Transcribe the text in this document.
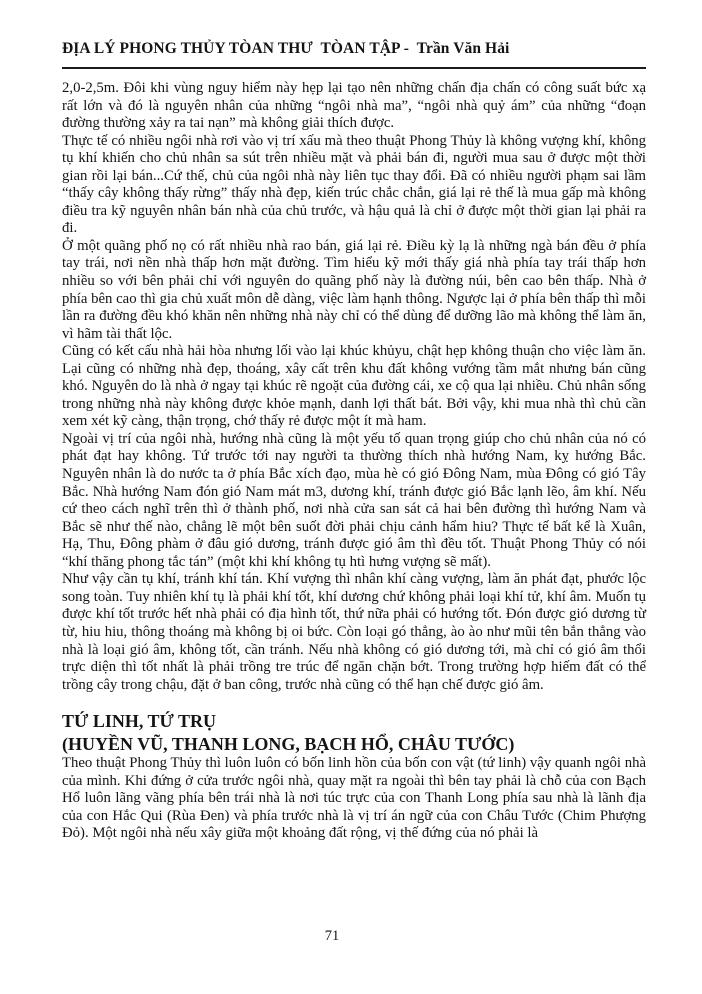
ĐỊA LÝ PHONG THỦY TÒAN THƯ  TÒAN TẬP -  Trần Văn Hải

2,0-2,5m. Đôi khi vùng nguy hiểm này hẹp lại tạo nên những chấn địa chấn có công suất bức xạ rất lớn và đó là nguyên nhân của những “ngôi nhà ma”, “ngôi nhà quỷ ám” của những “đoạn đường thường xảy ra tai nạn” mà không giải thích được.

Thực tế có nhiều ngôi nhà rơi vào vị trí xấu mà theo thuật Phong Thủy là không vượng khí, không tụ khí khiến cho chủ nhân sa sút trên nhiều mặt và phải bán đi, người mua sau ở được một thời gian rồi lại bán...Cứ thế, chủ của ngôi nhà này liên tục thay đổi. Đã có nhiều người phạm sai lầm “thấy cây không thấy rừng” thấy nhà đẹp, kiến trúc chắc chắn, giá lại rẻ thế là mua gấp mà không điều tra kỹ nguyên nhân bán nhà của chủ trước, và hậu quả là chỉ ở được một thời gian lại phải ra đi.

Ở một quãng phố nọ có rất nhiều nhà rao bán, giá lại rẻ. Điều kỳ lạ là những ngà bán đều ở phía tay trái, nơi nền nhà thấp hơn mặt đường. Tìm hiểu kỹ mới thấy giá nhà phía tay trái thấp hơn nhiều so với bên phải chỉ với nguyên do quãng phố này là đường núi, bên cao bên thấp. Nhà ở phía bên cao thì gia chủ xuất môn dễ dàng, việc làm hạnh thông. Ngược lại ở phía bên thấp thì mỗi lần ra đường đều khó khăn nên những nhà này chỉ có thể dùng để dưỡng lão mà không thể làm ăn, vì hãm tài thất lộc.

Cũng có kết cấu nhà hải hòa nhưng lối vào lại khúc khủyu, chật hẹp không thuận cho việc làm ăn. Lại cũng có những nhà đẹp, thoáng, xây cất trên khu đất không vướng tầm mắt nhưng bán cũng khó. Nguyên do là nhà ở ngay tại khúc rẽ ngoặt của đường cái, xe cộ qua lại nhiều. Chủ nhân sống trong những nhà này không được khỏe mạnh, danh lợi thất bát. Bởi vậy, khi mua nhà thì chủ cần xem xét kỹ càng, thận trọng, chớ thấy rẻ được một ít mà ham.

Ngoài vị trí của ngôi nhà, hướng nhà cũng là một yếu tố quan trọng giúp cho chủ nhân của nó có phát đạt hay không. Tứ trước tới nay người ta thường thích nhà hướng Nam, kỵ hướng Bắc. Nguyên nhân là do nước ta ở phía Bắc xích đạo, mùa hè có gió Đông Nam, mùa Đông có gió Tây Bắc. Nhà hướng Nam đón gió Nam mát m3, dương khí, tránh được gió Bắc lạnh lẽo, âm khí. Nếu cứ theo cách nghĩ trên thì ở thành phố, nơi nhà cửa san sát cả hai bên đường thì hướng Nam và Bắc sẽ như thế nào, chẳng lẽ một bên suốt đời phải chịu cảnh hẩm hiu? Thực tế bất kể là Xuân, Hạ, Thu, Đông phàm ở đâu gió dương, tránh được gió âm thì đều tốt. Thuật Phong Thủy có nói “khí thăng phong tắc tán” (một khi khí không tụ htì hưng vượng sẽ mất).

Như vậy cần tụ khí, tránh khí tán. Khí vượng thì nhân khí càng vượng, làm ăn phát đạt, phước lộc song toàn. Tuy nhiên khí tụ là phải khí tốt, khí dương chứ không phải loại khí tử, khí âm. Muốn tụ được khí tốt trước hết nhà phải có địa hình tốt, thứ nữa phải có hướng tốt. Đón được gió dương từ từ, hiu hiu, thông thoáng mà không bị oi bức. Còn loại gó thẳng, ào ào như mũi tên bắn thẳng vào nhà là loại gió âm, không tốt, cần tránh. Nếu nhà không có gió dương tới, mà chỉ có gió âm thổi trực diện thì tốt nhất là phải trồng tre trúc để ngăn chặn bớt. Trong trường hợp hiếm đất có thể trồng cây trong chậu, đặt ở ban công, trước nhà cũng có thể hạn chế được gió âm.

TỨ LINH, TỨ TRỤ
(HUYỀN VŨ, THANH LONG, BẠCH HỔ, CHÂU TƯỚC)

Theo thuật Phong Thủy thì luôn luôn có bốn linh hồn của bốn con vật (tứ linh) vậy quanh ngôi nhà của mình. Khi đứng ở cửa trước ngôi nhà, quay mặt ra ngoài thì bên tay phải là chỗ của con Bạch Hổ luôn lãng vãng phía bên trái nhà là nơi túc trực của con Thanh Long phía sau nhà là lãnh địa của con Hắc Qui (Rùa Đen) và phía trước nhà là vị trí án ngữ của con Châu Tước (Chim Phượng Đỏ). Một ngôi nhà nếu xây giữa một khoảng đất rộng, vị thế đứng của nó phải là

71
